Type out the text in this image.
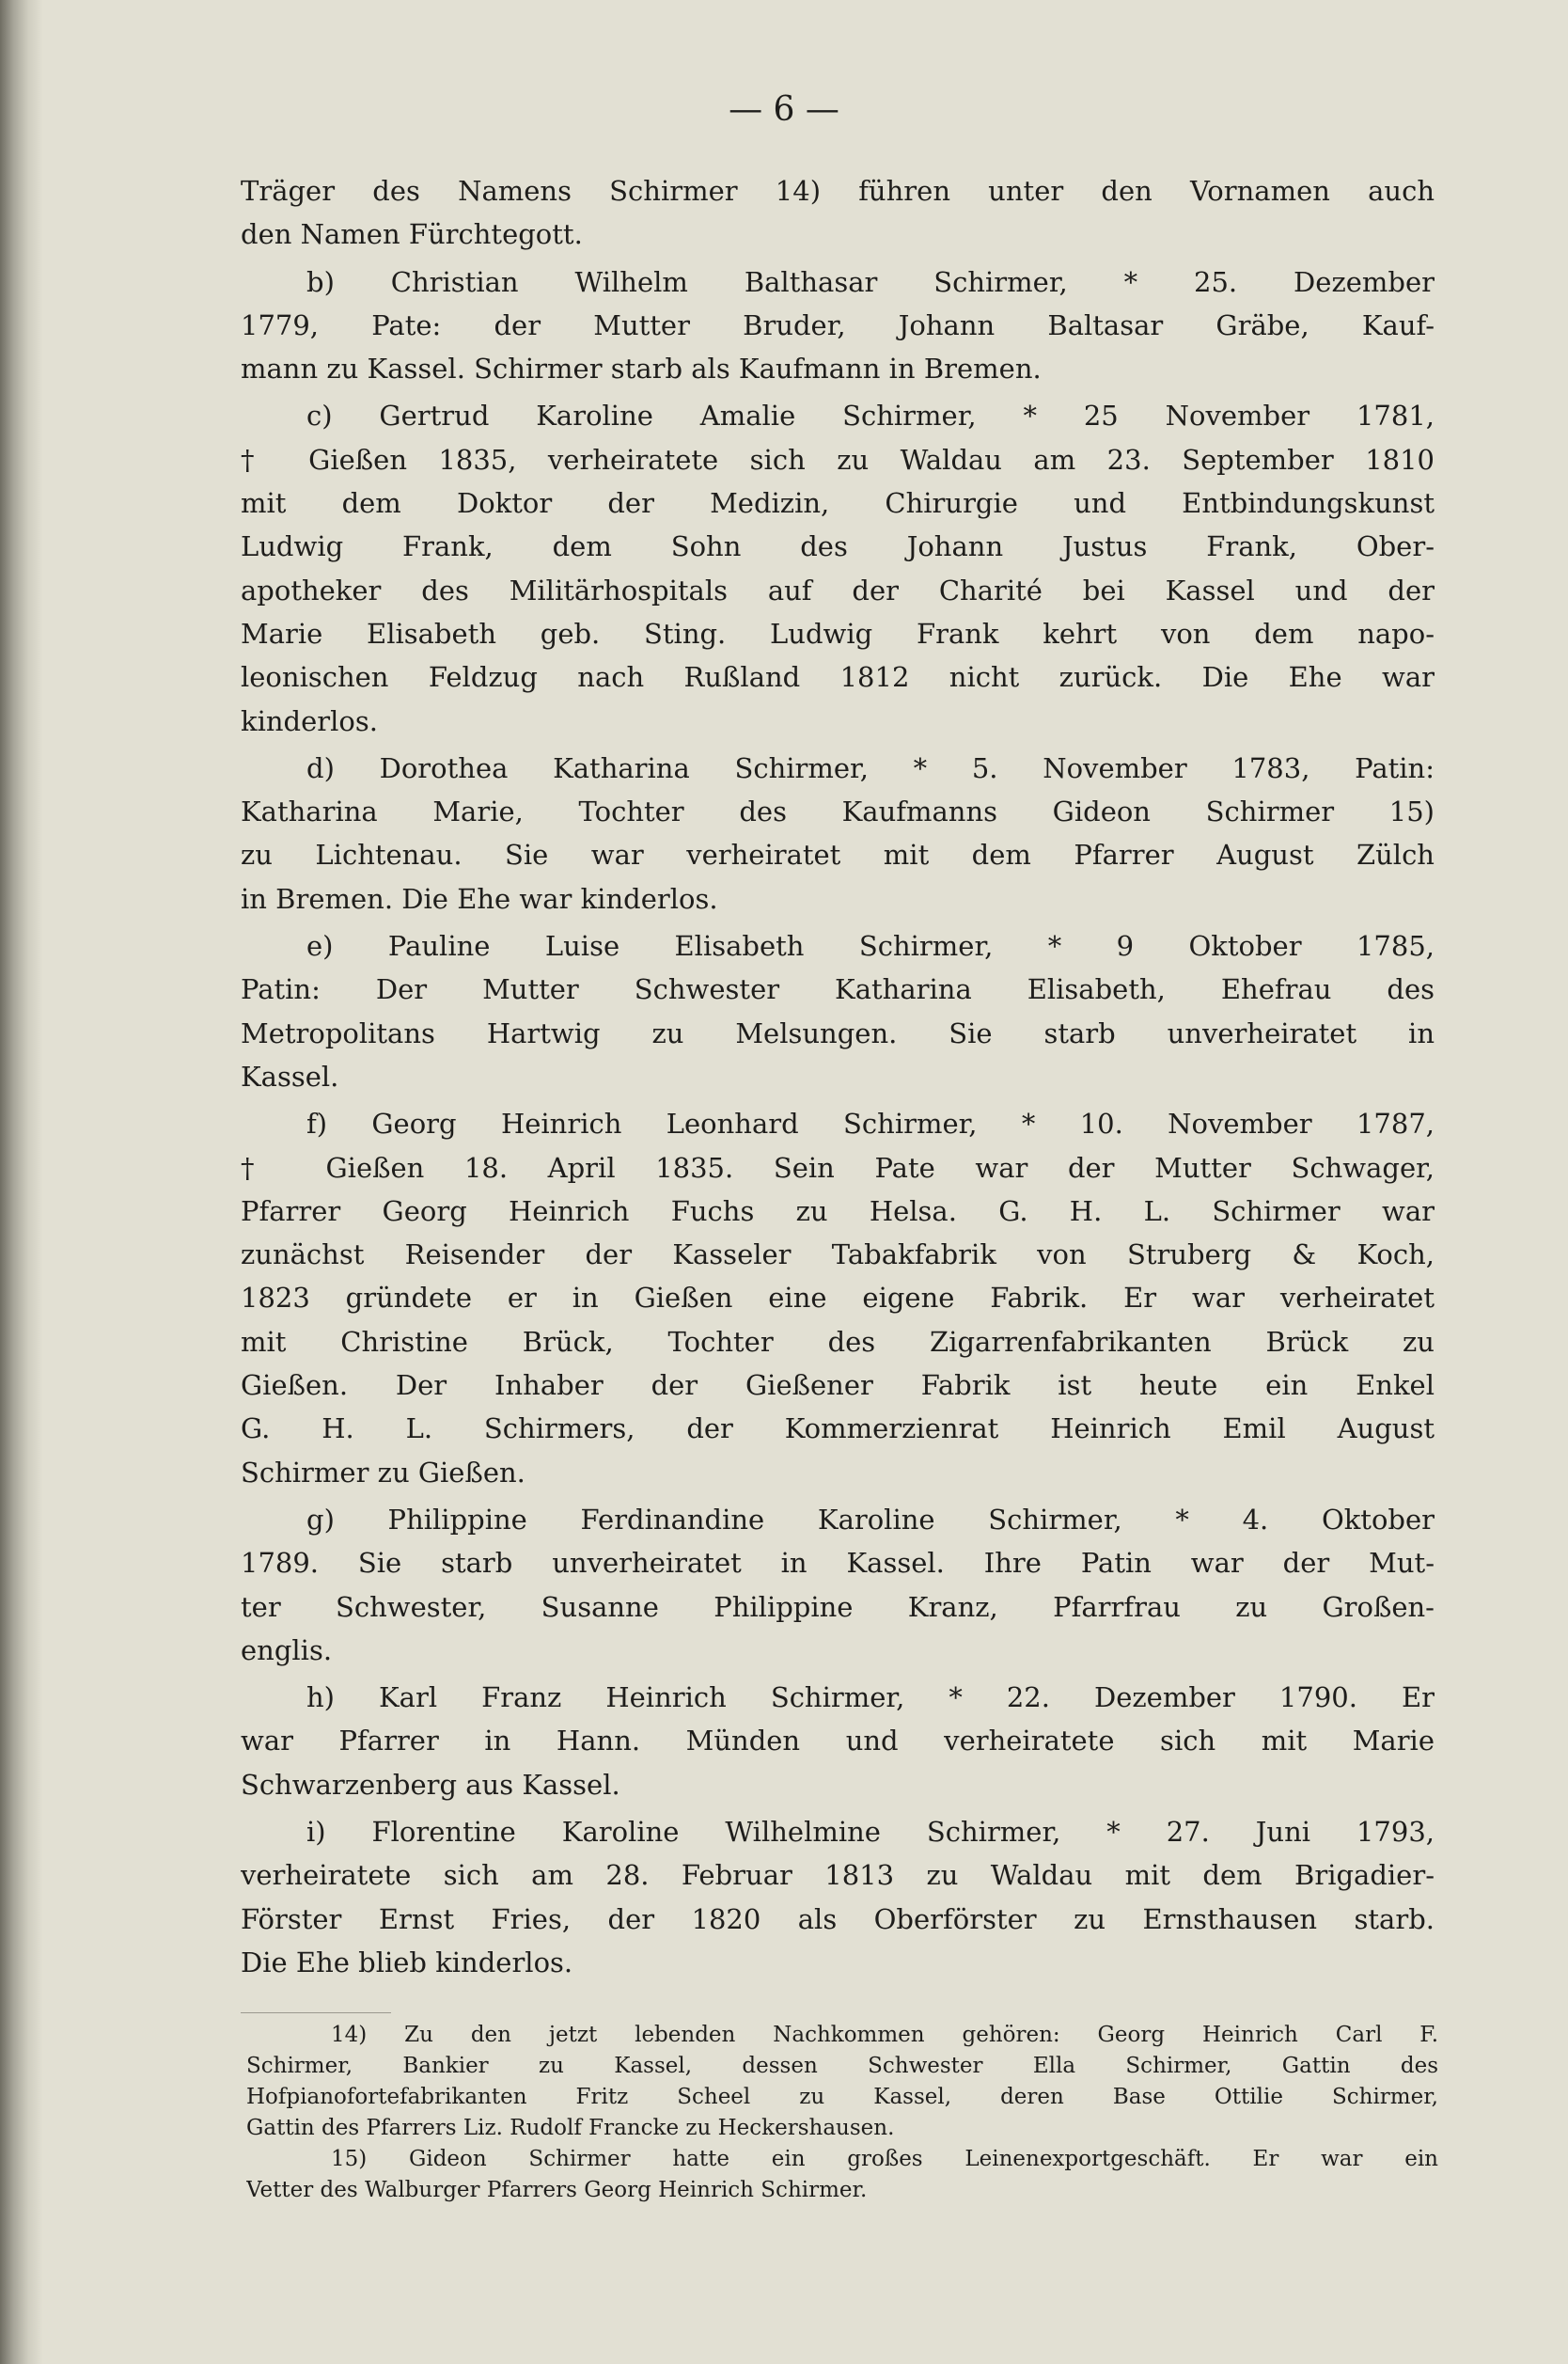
— 6 —
Träger des Namens Schirmer 14) führen unter den Vornamen auch
den Namen Fürchtegott.
b) Christian Wilhelm Balthasar Schirmer, * 25. Dezember
1779, Pate: der Mutter Bruder, Johann Baltasar Gräbe, Kauf-
mann zu Kassel. Schirmer starb als Kaufmann in Bremen.
c) Gertrud Karoline Amalie Schirmer, * 25 November 1781,
† Gießen 1835, verheiratete sich zu Waldau am 23. September 1810
mit dem Doktor der Medizin, Chirurgie und Entbindungskunst
Ludwig Frank, dem Sohn des Johann Justus Frank, Ober-
apotheker des Militärhospitals auf der Charité bei Kassel und der
Marie Elisabeth geb. Sting. Ludwig Frank kehrt von dem napo-
leonischen Feldzug nach Rußland 1812 nicht zurück. Die Ehe war
kinderlos.
d) Dorothea Katharina Schirmer, * 5. November 1783, Patin:
Katharina Marie, Tochter des Kaufmanns Gideon Schirmer 15)
zu Lichtenau. Sie war verheiratet mit dem Pfarrer August Zülch
in Bremen. Die Ehe war kinderlos.
e) Pauline Luise Elisabeth Schirmer, * 9 Oktober 1785,
Patin: Der Mutter Schwester Katharina Elisabeth, Ehefrau des
Metropolitans Hartwig zu Melsungen. Sie starb unverheiratet in
Kassel.
f) Georg Heinrich Leonhard Schirmer, * 10. November 1787,
† Gießen 18. April 1835. Sein Pate war der Mutter Schwager,
Pfarrer Georg Heinrich Fuchs zu Helsa. G. H. L. Schirmer war
zunächst Reisender der Kasseler Tabakfabrik von Struberg & Koch,
1823 gründete er in Gießen eine eigene Fabrik. Er war verheiratet
mit Christine Brück, Tochter des Zigarrenfabrikanten Brück zu
Gießen. Der Inhaber der Gießener Fabrik ist heute ein Enkel
G. H. L. Schirmers, der Kommerzienrat Heinrich Emil August
Schirmer zu Gießen.
g) Philippine Ferdinandine Karoline Schirmer, * 4. Oktober
1789. Sie starb unverheiratet in Kassel. Ihre Patin war der Mut-
ter Schwester, Susanne Philippine Kranz, Pfarrfrau zu Großen-
englis.
h) Karl Franz Heinrich Schirmer, * 22. Dezember 1790. Er
war Pfarrer in Hann. Münden und verheiratete sich mit Marie
Schwarzenberg aus Kassel.
i) Florentine Karoline Wilhelmine Schirmer, * 27. Juni 1793,
verheiratete sich am 28. Februar 1813 zu Waldau mit dem Brigadier-
Förster Ernst Fries, der 1820 als Oberförster zu Ernsthausen starb.
Die Ehe blieb kinderlos.
14) Zu den jetzt lebenden Nachkommen gehören: Georg Heinrich Carl F.
Schirmer, Bankier zu Kassel, dessen Schwester Ella Schirmer, Gattin des
Hofpianofortefabrikanten Fritz Scheel zu Kassel, deren Base Ottilie Schirmer,
Gattin des Pfarrers Liz. Rudolf Francke zu Heckershausen.
15) Gideon Schirmer hatte ein großes Leinenexportgeschäft. Er war ein
Vetter des Walburger Pfarrers Georg Heinrich Schirmer.
